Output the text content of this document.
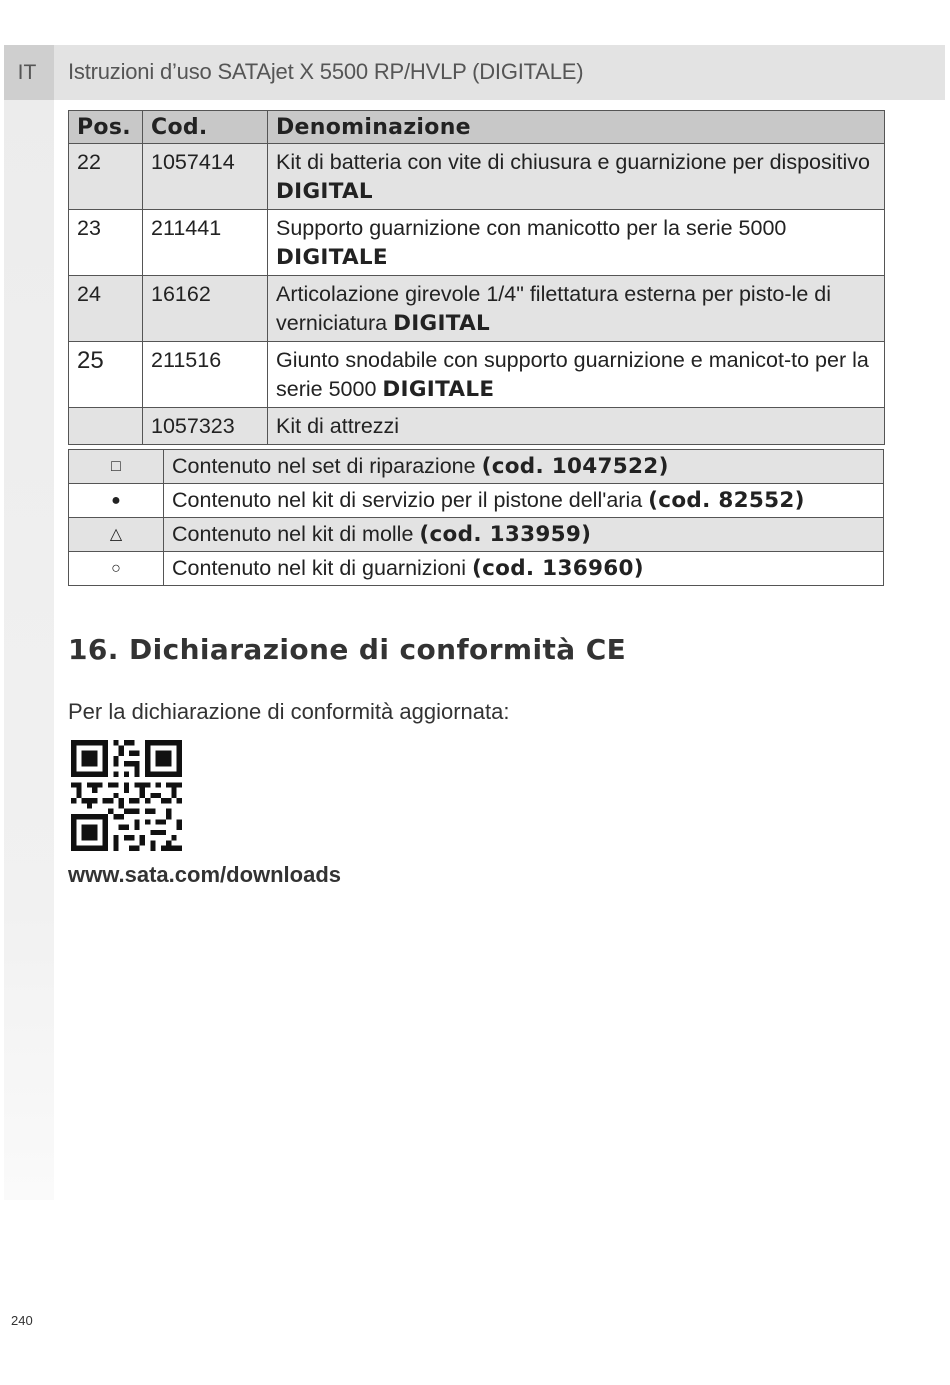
IT	Istruzioni d’uso SATAjet X 5500 RP/HVLP (DIGITALE)
Pos.	Cod.	Denominazione
22	1057414	Kit di batteria con vite di chiusura e guarnizione per dispositivo DIGITAL
23	211441	Supporto guarnizione con manicotto per la serie 5000 DIGITALE
24	16162	Articolazione girevole 1/4" filettatura esterna per pisto-le di verniciatura DIGITAL
25	211516	Giunto snodabile con supporto guarnizione e manicot-to per la serie 5000 DIGITALE
	1057323	Kit di attrezzi
□	Contenuto nel set di riparazione (cod. 1047522)
●	Contenuto nel kit di servizio per il pistone dell'aria (cod. 82552)
△	Contenuto nel kit di molle (cod. 133959)
○	Contenuto nel kit di guarnizioni (cod. 136960)
16. Dichiarazione di conformità CE
Per la dichiarazione di conformità aggiornata:
www.sata.com/downloads
240
